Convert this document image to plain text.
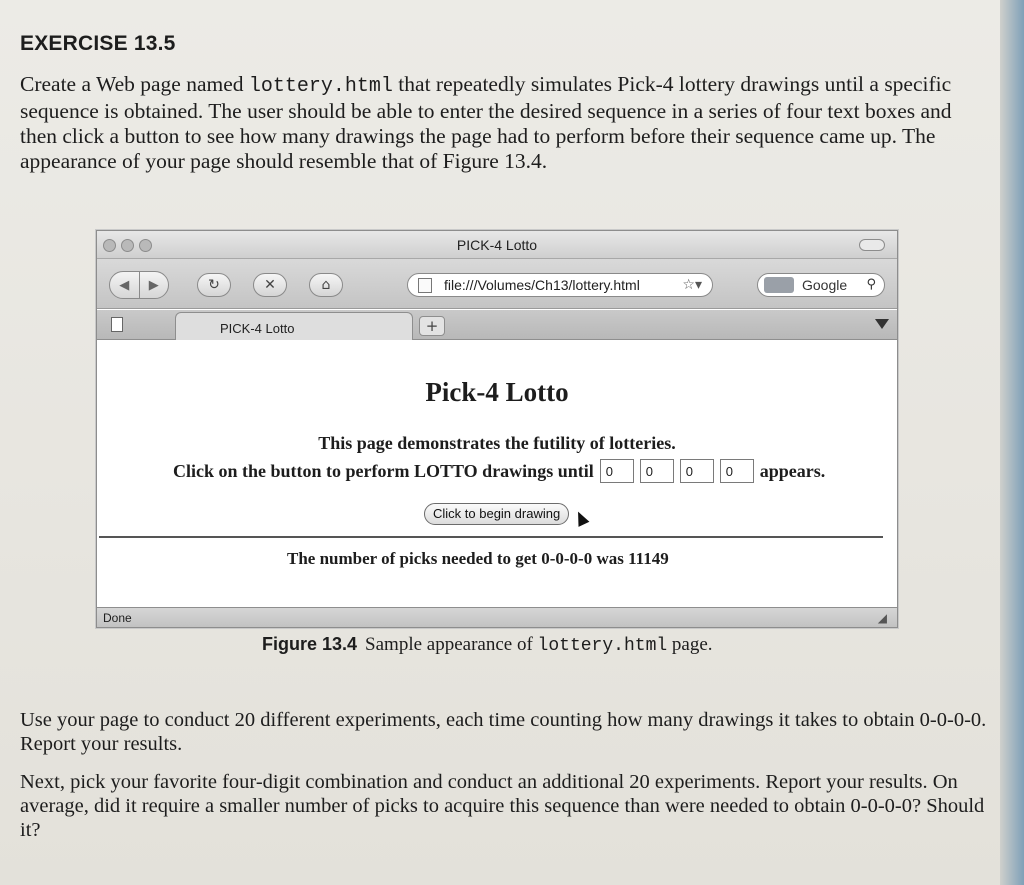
EXERCISE 13.5

Create a Web page named lottery.html that repeatedly simulates Pick-4 lottery drawings until a specific sequence is obtained. The user should be able to enter the desired sequence in a series of four text boxes and then click a button to see how many drawings the page had to perform before their sequence came up. The appearance of your page should resemble that of Figure 13.4.

PICK-4 Lotto
◀	▶	↻	✕	⌂	file:///Volumes/Ch13/lottery.html	☆▾	Google ⚲
PICK-4 Lotto	+
Pick-4 Lotto
This page demonstrates the futility of lotteries.
Click on the button to perform LOTTO drawings until 0	0	0	0	appears.
Click to begin drawing
The number of picks needed to get 0-0-0-0 was 11149
Done	◢
Figure 13.4 Sample appearance of lottery.html page.

Use your page to conduct 20 different experiments, each time counting how many drawings it takes to obtain 0-0-0-0. Report your results.

Next, pick your favorite four-digit combination and conduct an additional 20 experiments. Report your results. On average, did it require a smaller number of picks to acquire this sequence than were needed to obtain 0-0-0-0? Should it?
